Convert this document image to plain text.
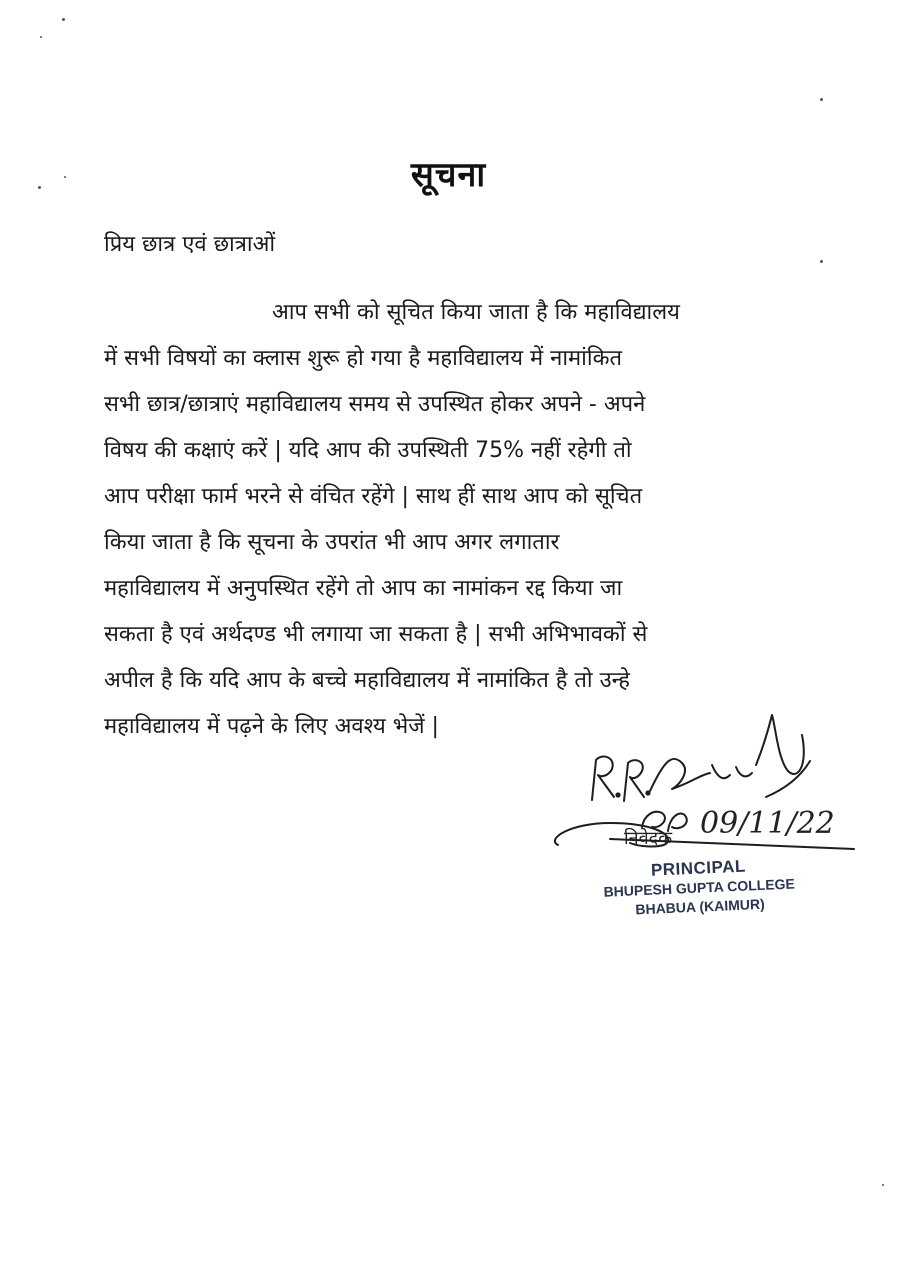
सूचना
प्रिय छात्र एवं छात्राओं
आप सभी को सूचित किया जाता है कि महाविद्यालय
में सभी विषयों का क्लास शुरू हो गया है महाविद्यालय में नामांकित
सभी छात्र/छात्राएं महाविद्यालय समय से उपस्थित होकर अपने - अपने
विषय की कक्षाएं करें | यदि आप की उपस्थिती 75% नहीं रहेगी तो
आप परीक्षा फार्म भरने से वंचित रहेंगे | साथ हीं साथ आप को सूचित
किया जाता है कि सूचना के उपरांत भी आप अगर लगातार
महाविद्यालय में अनुपस्थित रहेंगे तो आप का नामांकन रद्द किया जा
सकता है एवं अर्थदण्ड भी लगाया जा सकता है | सभी अभिभावकों से
अपील है कि यदि आप के बच्चे महाविद्यालय में नामांकित है तो उन्हे
महाविद्यालय में पढ़ने के लिए अवश्य भेजें |
09/11/22
निवेदक
PRINCIPAL
BHUPESH GUPTA COLLEGE
BHABUA (KAIMUR)
